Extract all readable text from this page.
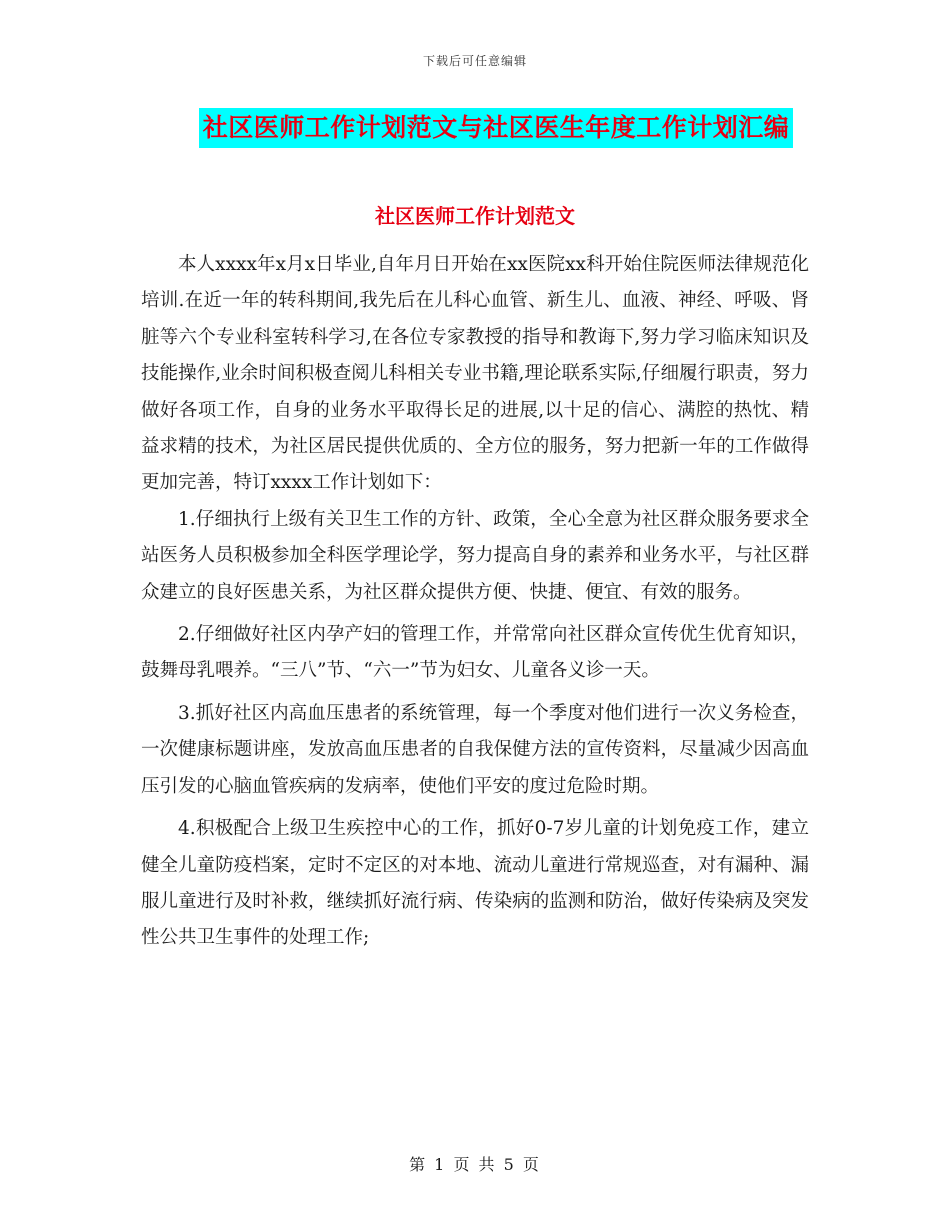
下载后可任意编辑
社区医师工作计划范文与社区医生年度工作计划汇编
社区医师工作计划范文

本人xxxx年x月x日毕业,自年月日开始在xx医院xx科开始住院医师法律规范化培训.在近一年的转科期间,我先后在儿科心血管、新生儿、血液、神经、呼吸、肾脏等六个专业科室转科学习,在各位专家教授的指导和教诲下,努力学习临床知识及技能操作,业余时间积极查阅儿科相关专业书籍,理论联系实际,仔细履行职责，努力做好各项工作，自身的业务水平取得长足的进展,以十足的信心、满腔的热忱、精益求精的技术，为社区居民提供优质的、全方位的服务，努力把新一年的工作做得更加完善，特订xxxx工作计划如下：

1.仔细执行上级有关卫生工作的方针、政策，全心全意为社区群众服务要求全站医务人员积极参加全科医学理论学，努力提高自身的素养和业务水平，与社区群众建立的良好医患关系，为社区群众提供方便、快捷、便宜、有效的服务。

2.仔细做好社区内孕产妇的管理工作，并常常向社区群众宣传优生优育知识，鼓舞母乳喂养。“三八”节、“六一”节为妇女、儿童各义诊一天。

3.抓好社区内高血压患者的系统管理，每一个季度对他们进行一次义务检查，一次健康标题讲座，发放高血压患者的自我保健方法的宣传资料，尽量减少因高血压引发的心脑血管疾病的发病率，使他们平安的度过危险时期。

4.积极配合上级卫生疾控中心的工作，抓好0-7岁儿童的计划免疫工作，建立健全儿童防疫档案，定时不定区的对本地、流动儿童进行常规巡查，对有漏种、漏服儿童进行及时补救，继续抓好流行病、传染病的监测和防治，做好传染病及突发性公共卫生事件的处理工作;

第 1 页 共 5 页
